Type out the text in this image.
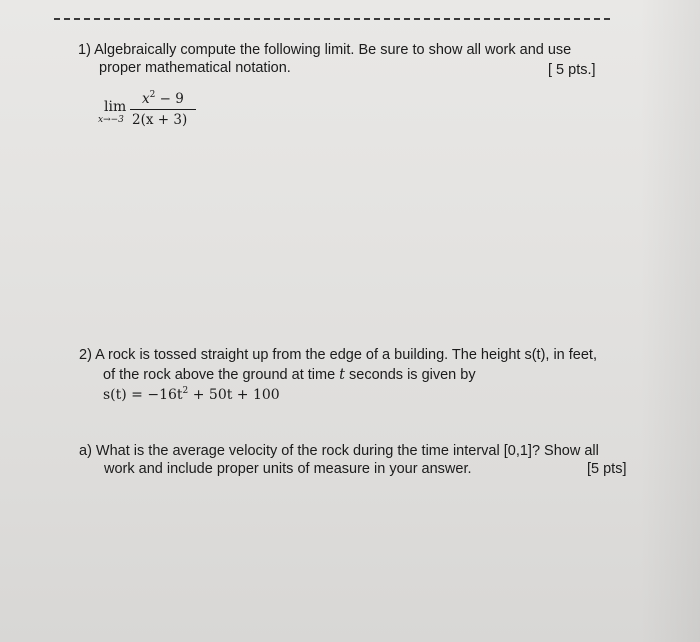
1) Algebraically compute the following limit. Be sure to show all work and use
proper mathematical notation.	[ 5 pts.]
lim
x→−3
$x^2 - 9$
2(x + 3)
2) A rock is tossed straight up from the edge of a building. The height s(t), in feet,
of the rock above the ground at time t seconds is given by
$s(t) = -16t^2 + 50t + 100$
a) What is the average velocity of the rock during the time interval [0,1]? Show all
work and include proper units of measure in your answer.	[5 pts]
